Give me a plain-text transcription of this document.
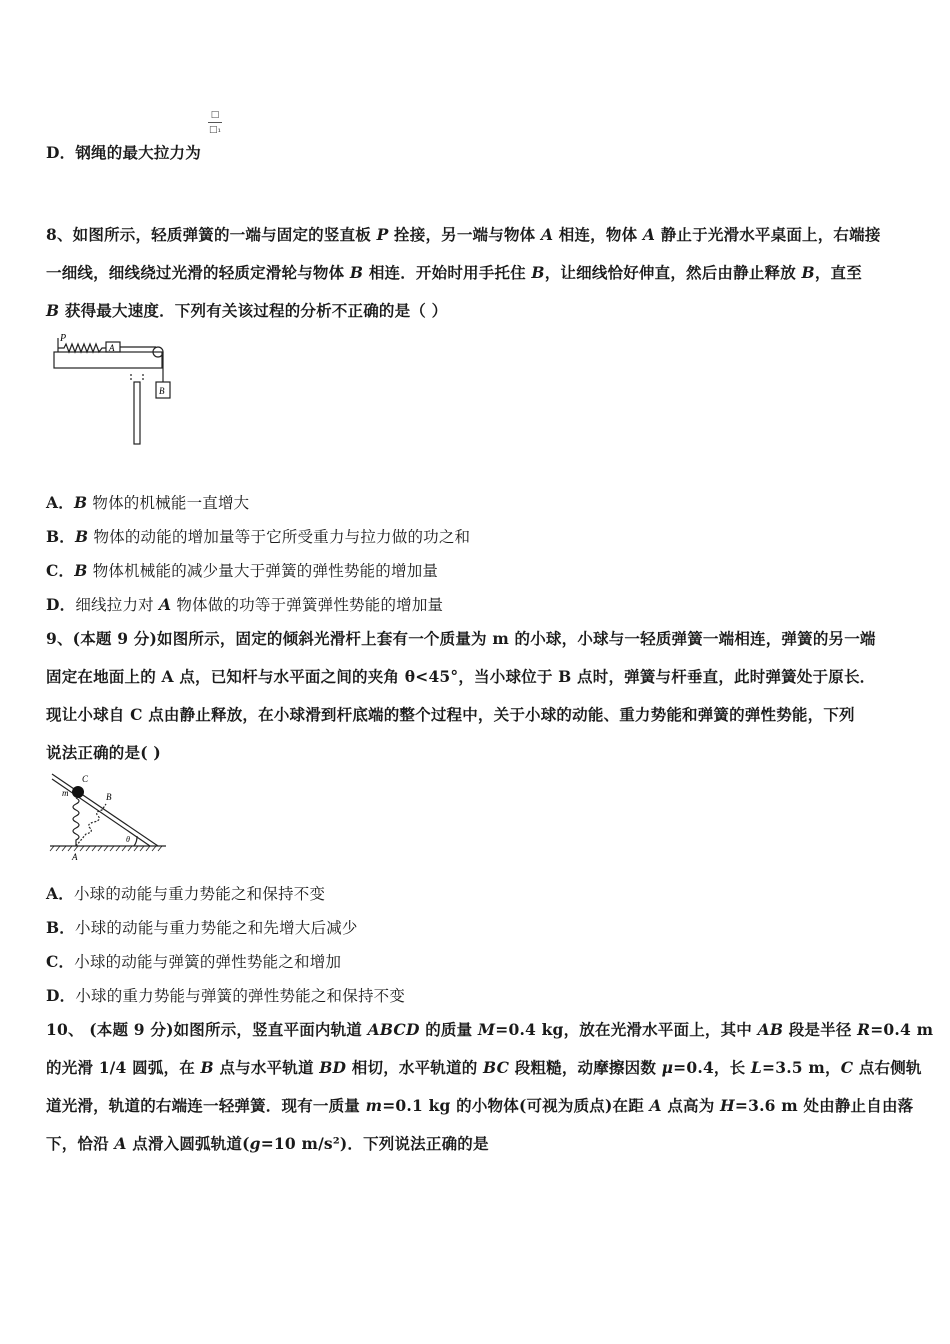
□
□₁
D．钢绳的最大拉力为
8、如图所示，轻质弹簧的一端与固定的竖直板 P 拴接，另一端与物体 A 相连，物体 A 静止于光滑水平桌面上，右端接
一细线，细线绕过光滑的轻质定滑轮与物体 B 相连．开始时用手托住 B，让细线恰好伸直，然后由静止释放 B，直至
B 获得最大速度．下列有关该过程的分析不正确的是（ ）
P
A
B
A．B 物体的机械能一直增大
B．B 物体的动能的增加量等于它所受重力与拉力做的功之和
C．B 物体机械能的减少量大于弹簧的弹性势能的增加量
D．细线拉力对 A 物体做的功等于弹簧弹性势能的增加量
9、(本题 9 分)如图所示，固定的倾斜光滑杆上套有一个质量为 m 的小球，小球与一轻质弹簧一端相连，弹簧的另一端
固定在地面上的 A 点，已知杆与水平面之间的夹角 θ<45°，当小球位于 B 点时，弹簧与杆垂直，此时弹簧处于原长．
现让小球自 C 点由静止释放，在小球滑到杆底端的整个过程中，关于小球的动能、重力势能和弹簧的弹性势能，下列
说法正确的是( )
C
m	B
θ
A
A．小球的动能与重力势能之和保持不变
B．小球的动能与重力势能之和先增大后减少
C．小球的动能与弹簧的弹性势能之和增加
D．小球的重力势能与弹簧的弹性势能之和保持不变
10、 (本题 9 分)如图所示，竖直平面内轨道 ABCD 的质量 M=0.4 kg，放在光滑水平面上，其中 AB 段是半径 R=0.4 m
的光滑 1/4 圆弧，在 B 点与水平轨道 BD 相切，水平轨道的 BC 段粗糙，动摩擦因数 μ=0.4，长 L=3.5 m，C 点右侧轨
道光滑，轨道的右端连一轻弹簧．现有一质量 m=0.1 kg 的小物体(可视为质点)在距 A 点高为 H=3.6 m 处由静止自由落
下，恰沿 A 点滑入圆弧轨道(g=10 m/s²)．下列说法正确的是
